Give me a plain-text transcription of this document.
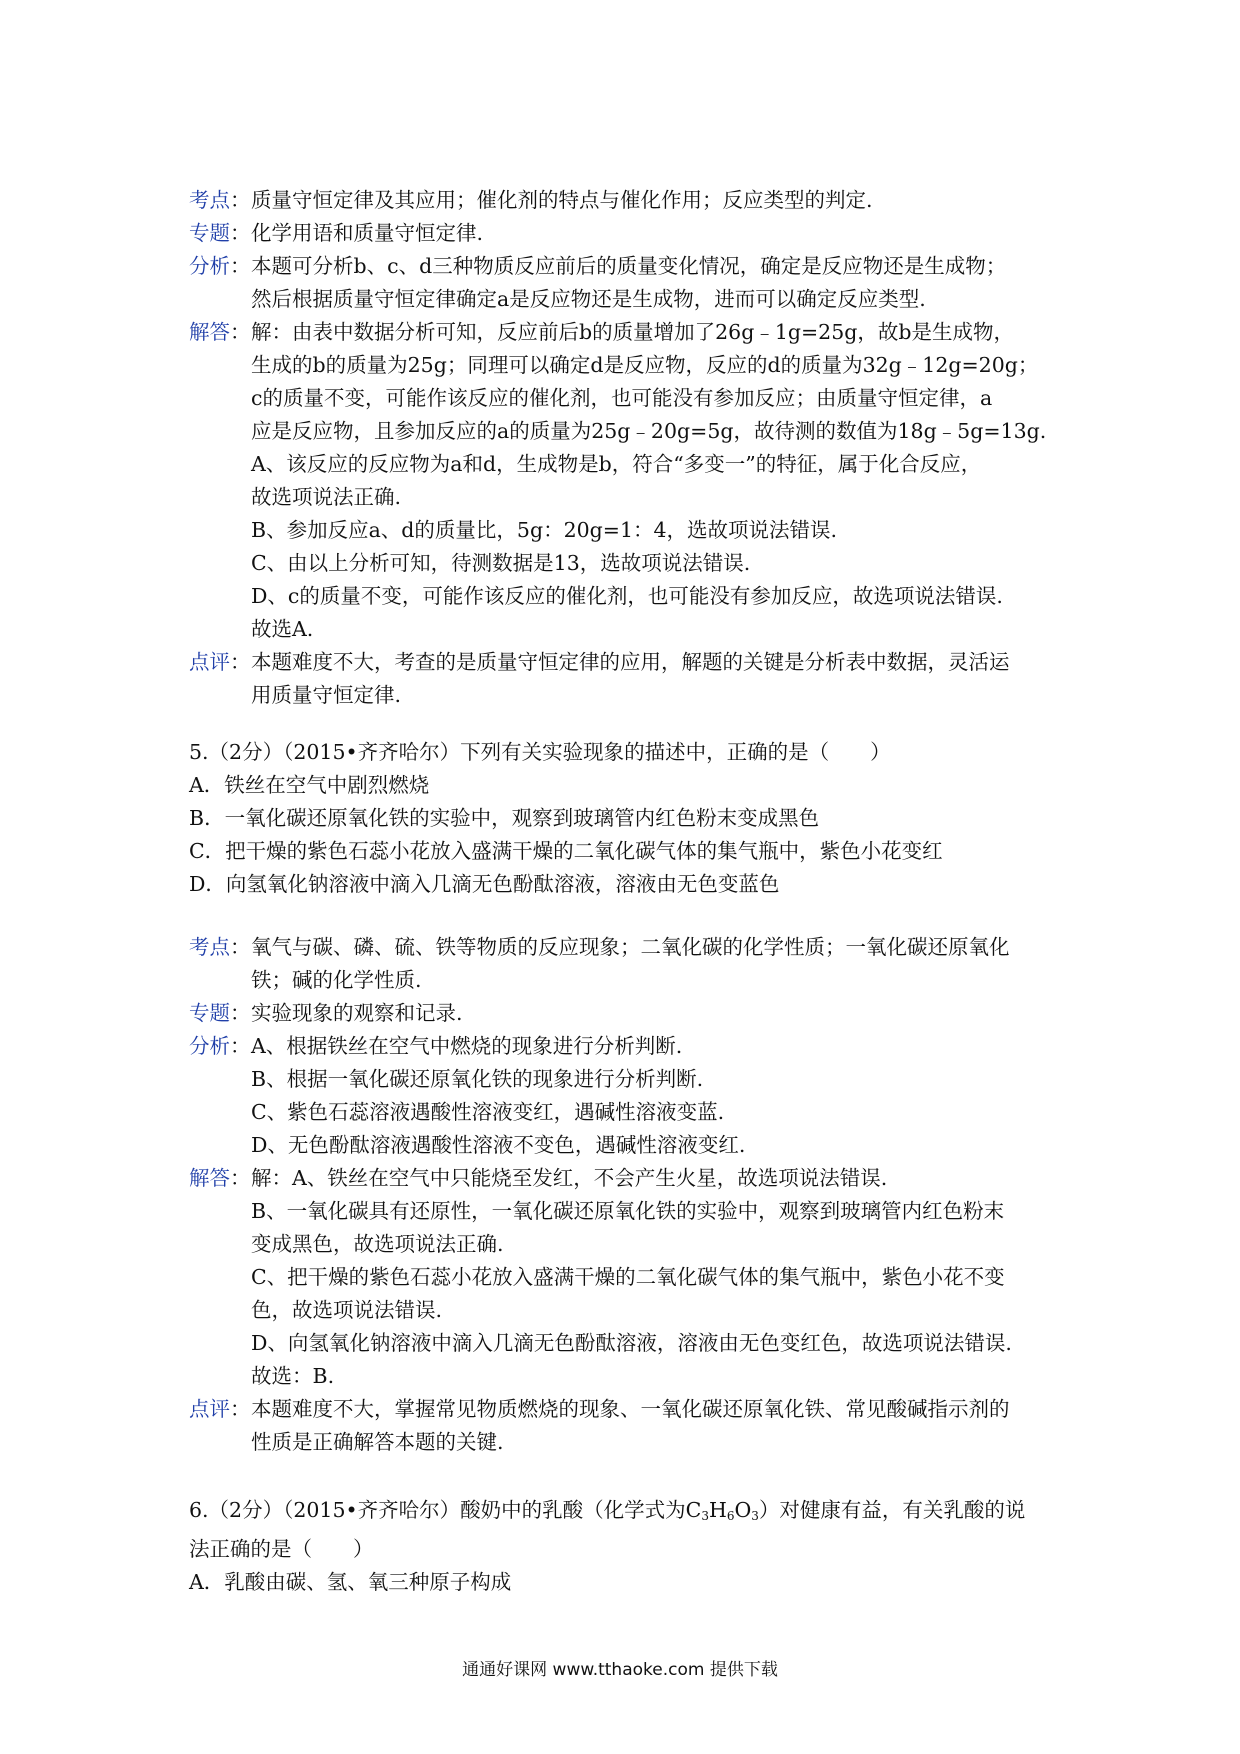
考点： 质量守恒定律及其应用；催化剂的特点与催化作用；反应类型的判定.
专题： 化学用语和质量守恒定律.
分析： 本题可分析b、c、d三种物质反应前后的质量变化情况，确定是反应物还是生成物；
然后根据质量守恒定律确定a是反应物还是生成物，进而可以确定反应类型.
解答： 解：由表中数据分析可知，反应前后b的质量增加了26g﹣1g=25g，故b是生成物，
生成的b的质量为25g；同理可以确定d是反应物，反应的d的质量为32g﹣12g=20g；
c的质量不变，可能作该反应的催化剂，也可能没有参加反应；由质量守恒定律，a
应是反应物，且参加反应的a的质量为25g﹣20g=5g，故待测的数值为18g﹣5g=13g.
A、该反应的反应物为a和d，生成物是b，符合“多变一”的特征，属于化合反应，
故选项说法正确.
B、参加反应a、d的质量比，5g：20g=1：4，选故项说法错误.
C、由以上分析可知，待测数据是13，选故项说法错误.
D、c的质量不变，可能作该反应的催化剂，也可能没有参加反应，故选项说法错误.
故选A.
点评： 本题难度不大，考查的是质量守恒定律的应用，解题的关键是分析表中数据，灵活运
用质量守恒定律.
5.（2分）（2015•齐齐哈尔）下列有关实验现象的描述中，正确的是（　　）
A．铁丝在空气中剧烈燃烧
B．一氧化碳还原氧化铁的实验中，观察到玻璃管内红色粉末变成黑色
C．把干燥的紫色石蕊小花放入盛满干燥的二氧化碳气体的集气瓶中，紫色小花变红
D．向氢氧化钠溶液中滴入几滴无色酚酞溶液，溶液由无色变蓝色
考点： 氧气与碳、磷、硫、铁等物质的反应现象；二氧化碳的化学性质；一氧化碳还原氧化
铁；碱的化学性质.
专题： 实验现象的观察和记录.
分析： A、根据铁丝在空气中燃烧的现象进行分析判断.
B、根据一氧化碳还原氧化铁的现象进行分析判断.
C、紫色石蕊溶液遇酸性溶液变红，遇碱性溶液变蓝.
D、无色酚酞溶液遇酸性溶液不变色，遇碱性溶液变红.
解答： 解：A、铁丝在空气中只能烧至发红，不会产生火星，故选项说法错误.
B、一氧化碳具有还原性，一氧化碳还原氧化铁的实验中，观察到玻璃管内红色粉末
变成黑色，故选项说法正确.
C、把干燥的紫色石蕊小花放入盛满干燥的二氧化碳气体的集气瓶中，紫色小花不变
色，故选项说法错误.
D、向氢氧化钠溶液中滴入几滴无色酚酞溶液，溶液由无色变红色，故选项说法错误.
故选：B.
点评： 本题难度不大，掌握常见物质燃烧的现象、一氧化碳还原氧化铁、常见酸碱指示剂的
性质是正确解答本题的关键.
6.（2分）（2015•齐齐哈尔）酸奶中的乳酸（化学式为$C_3H_6O_3$）对健康有益，有关乳酸的说
法正确的是（　　）
A．乳酸由碳、氢、氧三种原子构成
通通好课网 www.tthaoke.com 提供下载
